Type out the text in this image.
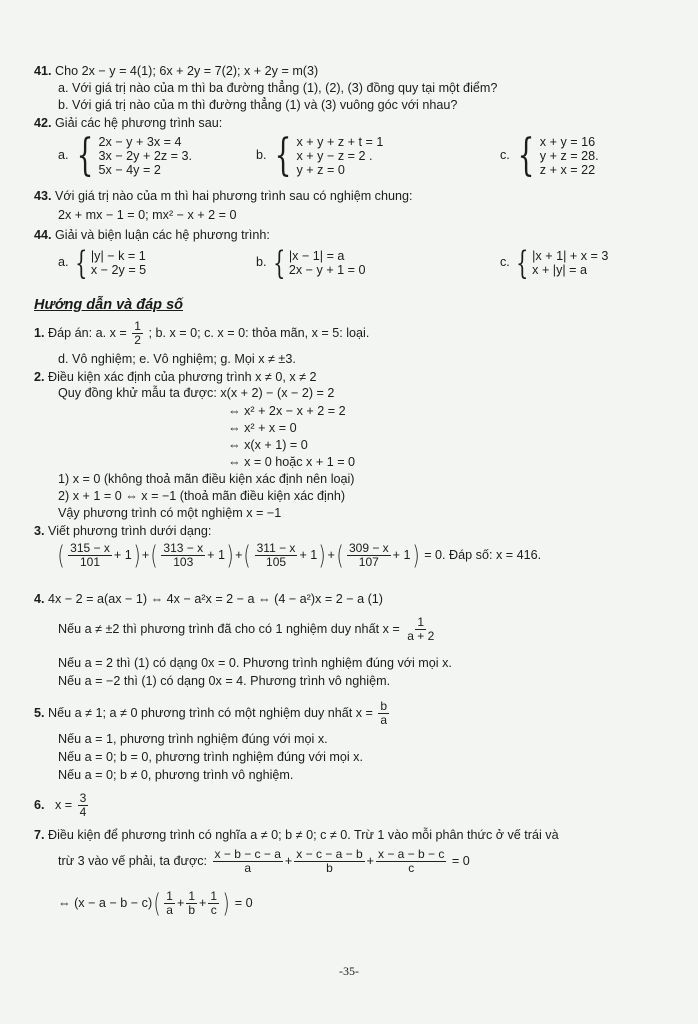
41. Cho 2x − y = 4(1); 6x + 2y = 7(2); x + 2y = m(3)
a. Với giá trị nào của m thì ba đường thẳng (1), (2), (3) đồng quy tại một điểm?
b. Với giá trị nào của m thì đường thẳng (1) và (3) vuông góc với nhau?
42. Giải các hệ phương trình sau:
a. { 2x − y + 3x = 4
3x − 2y + 2z = 3.
5x − 4y = 2
b. { x + y + z + t = 1
x + y − z = 2 .
y + z = 0
c. { x + y = 16
y + z = 28.
z + x = 22
43. Với giá trị nào của m thì hai phương trình sau có nghiệm chung:
2x + mx − 1 = 0; mx² − x + 2 = 0
44. Giải và biện luận các hệ phương trình:
a. { |y| − k = 1
x − 2y = 5
b. { |x − 1| = a
2x − y + 1 = 0
c. { |x + 1| + x = 3
x + |y| = a
Hướng dẫn và đáp số
1. Đáp án: a. $x = \frac{1}{2}$ ; b. x = 0; c. x = 0: thỏa mãn, x = 5: loại.
d. Vô nghiệm; e. Vô nghiệm; g. Mọi x ≠ ±3.
2. Điều kiện xác định của phương trình x ≠ 0, x ≠ 2
Quy đồng khử mẫu ta được: x(x + 2) − (x − 2) = 2
⇔ x² + 2x − x + 2 = 2
⇔ x² + x = 0
⇔ x(x + 1) = 0
⇔ x = 0 hoặc x + 1 = 0
1) x = 0 (không thoả mãn điều kiện xác định nên loại)
2) x + 1 = 0 ⇔ x = −1 (thoả mãn điều kiện xác định)
Vậy phương trình có một nghiệm x = −1
3. Viết phương trình dưới dạng:
( $\frac{315 - x}{101} + 1$) +( $\frac{313 - x}{103} + 1$) +( $\frac{311 - x}{105} + 1$) +( $\frac{309 - x}{107} + 1) = 0$. Đáp số: x = 416.
4. 4x − 2 = a(ax − 1) ⇔ 4x − a²x = 2 − a ⇔ (4 − a²)x = 2 − a (1)
Nếu a ≠ ±2 thì phương trình đã cho có 1 nghiệm duy nhất $x = \frac{1}{a + 2}$
Nếu a = 2 thì (1) có dạng 0x = 0. Phương trình nghiệm đúng với mọi x.
Nếu a = −2 thì (1) có dạng 0x = 4. Phương trình vô nghiệm.
5. Nếu a ≠ 1; a ≠ 0 phương trình có một nghiệm duy nhất $x = \frac{b}{a}$
Nếu a = 1, phương trình nghiệm đúng với mọi x.
Nếu a = 0; b = 0, phương trình nghiệm đúng với mọi x.
Nếu a = 0; b ≠ 0, phương trình vô nghiệm.
6. $x = \frac{3}{4}$
7. Điều kiện để phương trình có nghĩa a ≠ 0; b ≠ 0; c ≠ 0. Trừ 1 vào mỗi phân thức ở vế trái và
trừ 3 vào vế phải, ta được: $\frac{x - b - c - a}{a} + \frac{x - c - a - b}{b} + \frac{x - a - b - c}{c} = 0$
⇔ $(x - a - b - c)( \frac{1}{a} + \frac{1}{b} + \frac{1}{c}$ ) = 0
-35-
